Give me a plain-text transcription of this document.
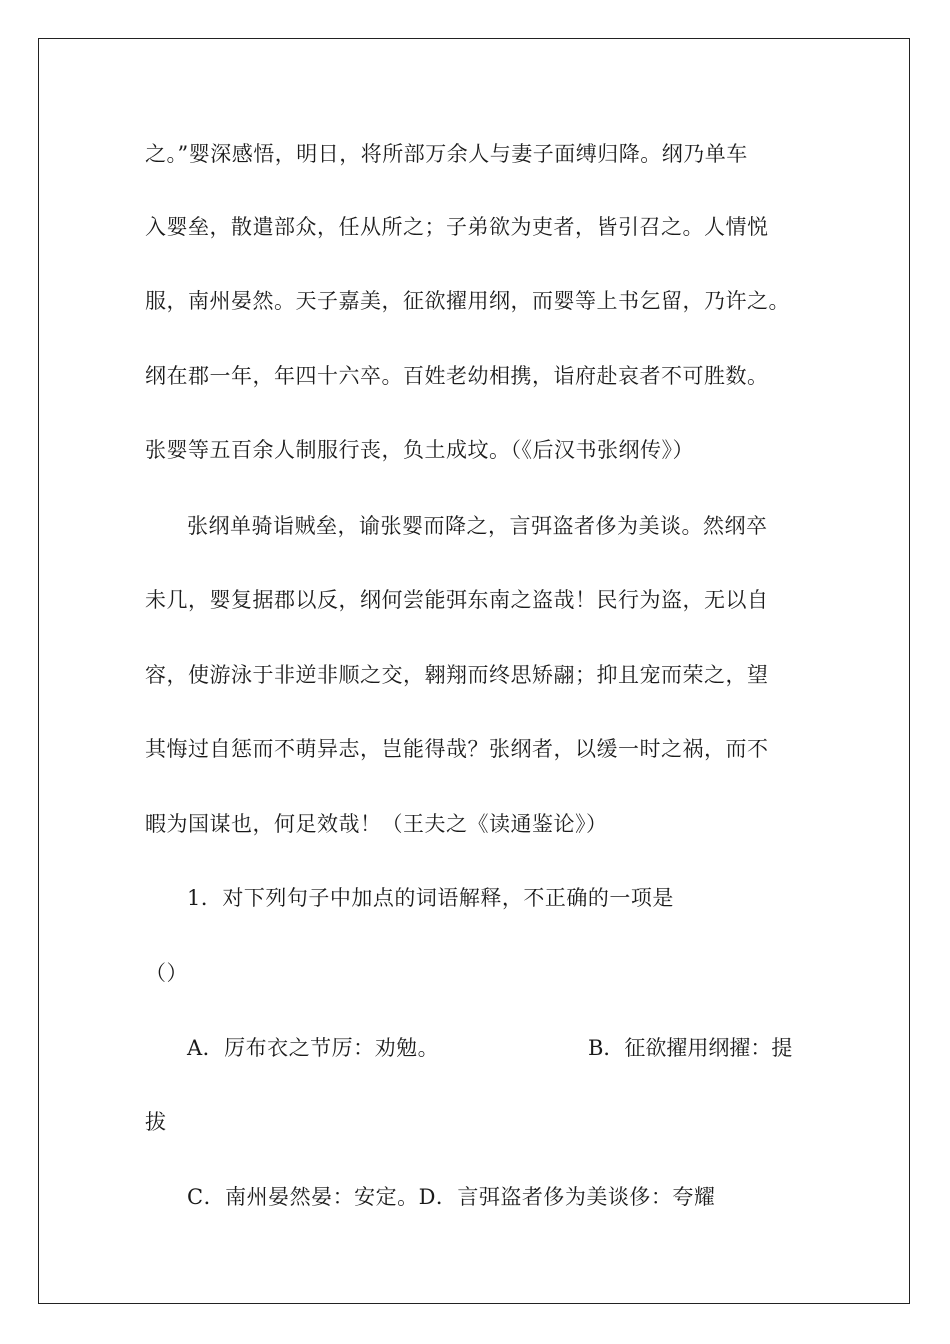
之。”婴深感悟，明日，将所部万余人与妻子面缚归降。纲乃单车
入婴垒，散遣部众，任从所之；子弟欲为吏者，皆引召之。人情悦
服，南州晏然。天子嘉美，征欲擢用纲，而婴等上书乞留，乃许之。
纲在郡一年，年四十六卒。百姓老幼相携，诣府赴哀者不可胜数。
张婴等五百余人制服行丧，负土成坟。（《后汉书张纲传》）
张纲单骑诣贼垒，谕张婴而降之，言弭盗者侈为美谈。然纲卒
未几，婴复据郡以反，纲何尝能弭东南之盗哉！民行为盗，无以自
容，使游泳于非逆非顺之交，翱翔而终思矫翮；抑且宠而荣之，望
其悔过自惩而不萌异志，岂能得哉？张纲者，以缓一时之祸，而不
暇为国谋也，何足效哉！（王夫之《读通鉴论》）
1．对下列句子中加点的词语解释，不正确的一项是
（）
A．厉布衣之节厉：劝勉。	B．征欲擢用纲擢：提
拔
C．南州晏然晏：安定。D．言弭盗者侈为美谈侈：夸耀
